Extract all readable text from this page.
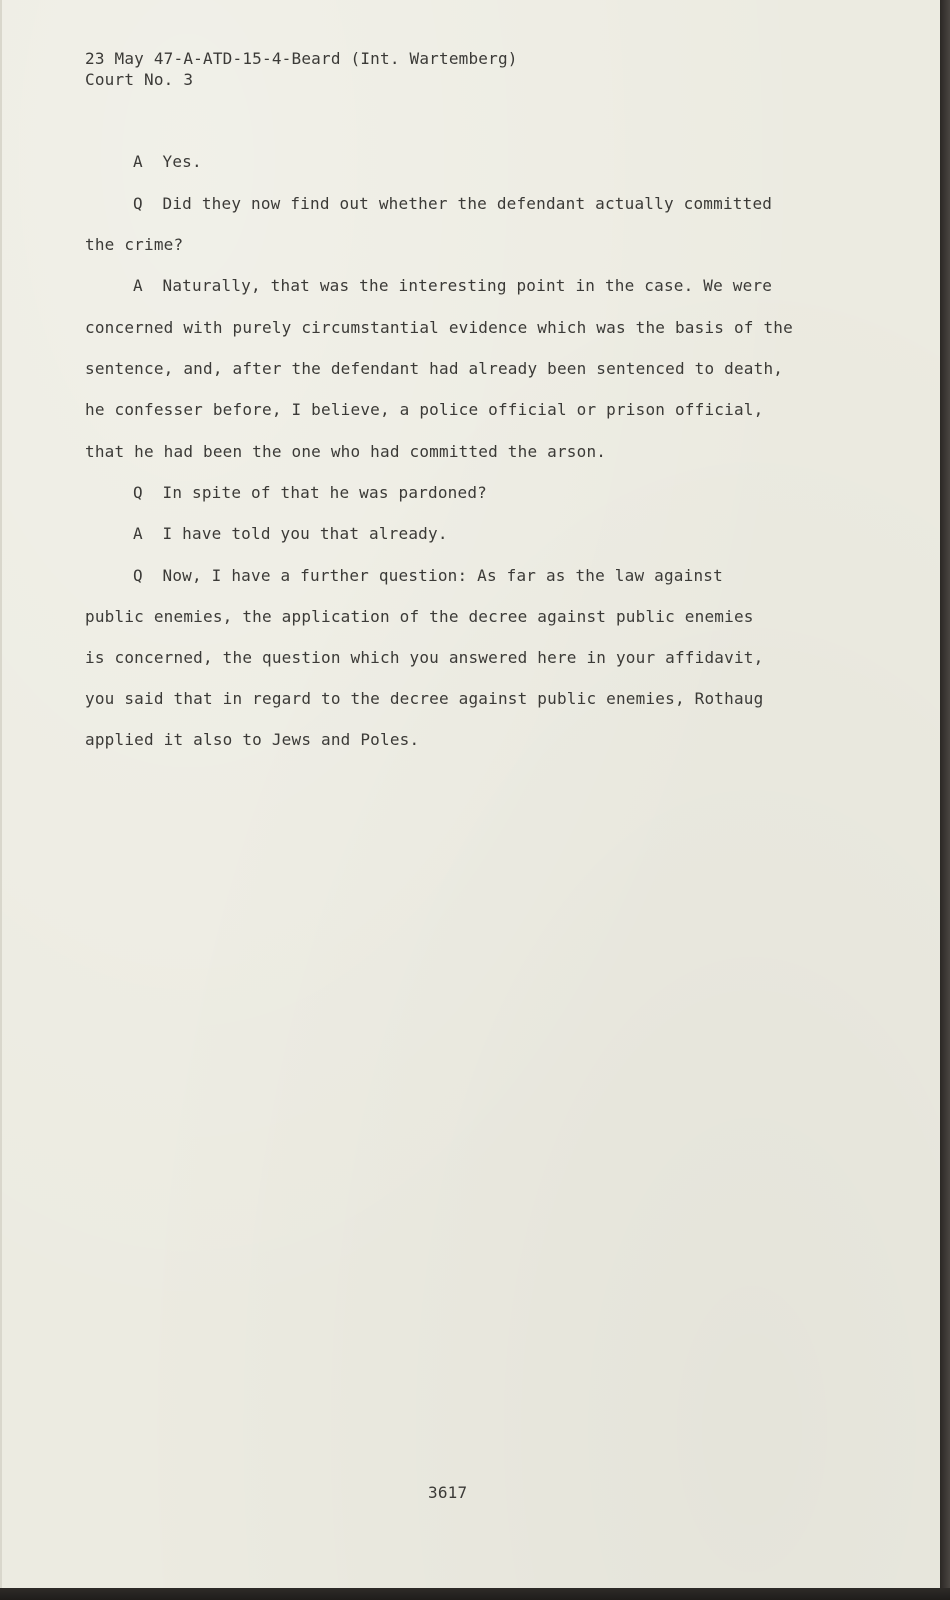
23 May 47-A-ATD-15-4-Beard (Int. Wartemberg)
Court No. 3
A  Yes.
Q  Did they now find out whether the defendant actually committed
the crime?
A  Naturally, that was the interesting point in the case. We were
concerned with purely circumstantial evidence which was the basis of the
sentence, and, after the defendant had already been sentenced to death,
he confesser before, I believe, a police official or prison official,
that he had been the one who had committed the arson.
Q  In spite of that he was pardoned?
A  I have told you that already.
Q  Now, I have a further question: As far as the law against
public enemies, the application of the decree against public enemies
is concerned, the question which you answered here in your affidavit,
you said that in regard to the decree against public enemies, Rothaug
applied it also to Jews and Poles.
3617
